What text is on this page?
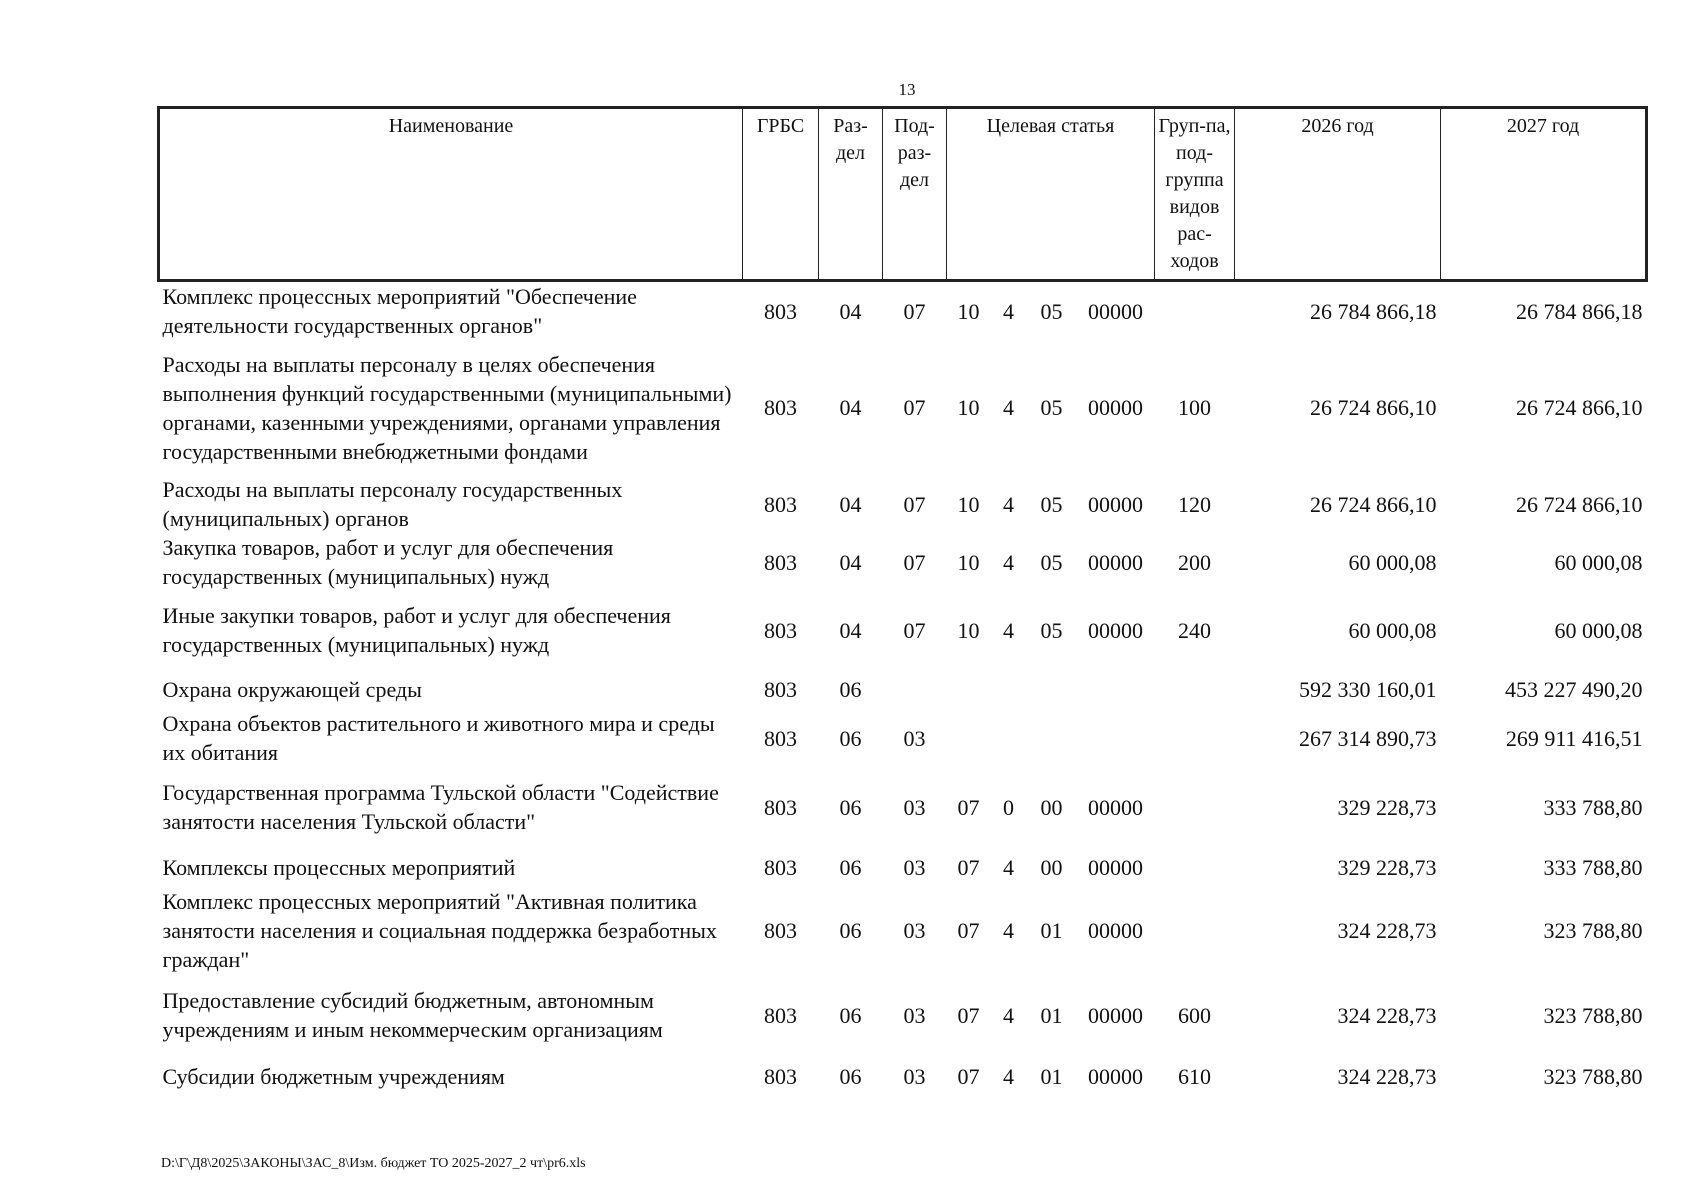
13
Наименование	ГРБС	Раз-дел	Под-раз-дел	Целевая статья				Груп-па, под-группа видов рас-ходов	2026 год	2027 год
Комплекс процессных мероприятий "Обеспечение деятельности государственных органов"	803	04	07	10	4	05	00000		26 784 866,18	26 784 866,18
Расходы на выплаты персоналу в целях обеспечения выполнения функций государственными (муниципальными) органами, казенными учреждениями, органами управления государственными внебюджетными фондами	803	04	07	10	4	05	00000	100	26 724 866,10	26 724 866,10
Расходы на выплаты персоналу государственных (муниципальных) органов	803	04	07	10	4	05	00000	120	26 724 866,10	26 724 866,10
Закупка товаров, работ и услуг для обеспечения государственных (муниципальных) нужд	803	04	07	10	4	05	00000	200	60 000,08	60 000,08
Иные закупки товаров, работ и услуг для обеспечения государственных (муниципальных) нужд	803	04	07	10	4	05	00000	240	60 000,08	60 000,08
Охрана окружающей среды	803	06							592 330 160,01	453 227 490,20
Охрана объектов растительного и животного мира и среды их обитания	803	06	03						267 314 890,73	269 911 416,51
Государственная программа Тульской области "Содействие занятости населения Тульской области"	803	06	03	07	0	00	00000		329 228,73	333 788,80
Комплексы процессных мероприятий	803	06	03	07	4	00	00000		329 228,73	333 788,80
Комплекс процессных мероприятий "Активная политика занятости населения и социальная поддержка безработных граждан"	803	06	03	07	4	01	00000		324 228,73	323 788,80
Предоставление субсидий бюджетным, автономным учреждениям и иным некоммерческим организациям	803	06	03	07	4	01	00000	600	324 228,73	323 788,80
Субсидии бюджетным учреждениям	803	06	03	07	4	01	00000	610	324 228,73	323 788,80
D:\Г\Д8\2025\ЗАКОНЫ\ЗАС_8\Изм. бюджет ТО 2025-2027_2 чт\pr6.xls
